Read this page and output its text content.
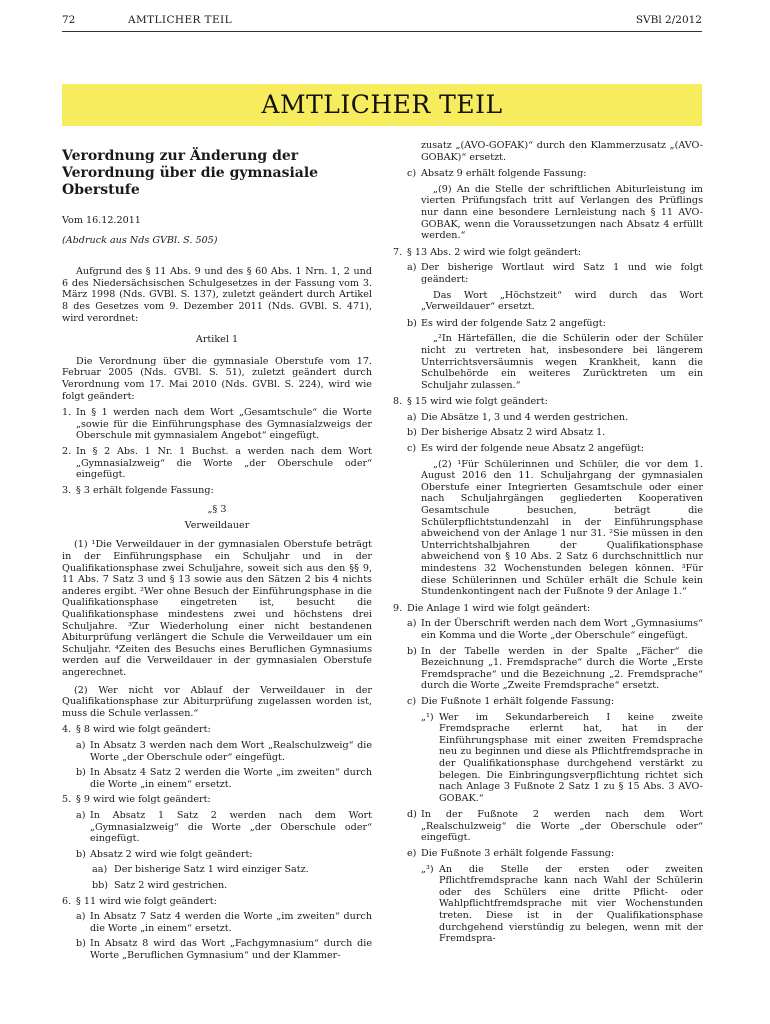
72	AMTLICHER TEIL	SVBl 2/2012
AMTLICHER TEIL

Verordnung zur Änderung der Verordnung über die gymnasiale Oberstufe

Vom 16.12.2011

(Abdruck aus Nds GVBl. S. 505)

Aufgrund des § 11 Abs. 9 und des § 60 Abs. 1 Nrn. 1, 2 und 6 des Niedersächsischen Schulgesetzes in der Fassung vom 3. März 1998 (Nds. GVBl. S. 137), zuletzt geändert durch Artikel 8 des Gesetzes vom 9. Dezember 2011 (Nds. GVBl. S. 471), wird verordnet:

Artikel 1

Die Verordnung über die gymnasiale Oberstufe vom 17. Februar 2005 (Nds. GVBl. S. 51), zuletzt geändert durch Verordnung vom 17. Mai 2010 (Nds. GVBl. S. 224), wird wie folgt geändert:

1. In § 1 werden nach dem Wort „Gesamtschule“ die Worte „sowie für die Einführungsphase des Gymnasialzweigs der Oberschule mit gymnasialem Angebot“ eingefügt.
2. In § 2 Abs. 1 Nr. 1 Buchst. a werden nach dem Wort „Gymnasialzweig“ die Worte „der Oberschule oder“ eingefügt.
3. § 3 erhält folgende Fassung:

„§ 3

Verweildauer

(1) ¹Die Verweildauer in der gymnasialen Oberstufe beträgt in der Einführungsphase ein Schuljahr und in der Qualifikationsphase zwei Schuljahre, soweit sich aus den §§ 9, 11 Abs. 7 Satz 3 und § 13 sowie aus den Sätzen 2 bis 4 nichts anderes ergibt. ²Wer ohne Besuch der Einführungsphase in die Qualifikationsphase eingetreten ist, besucht die Qualifikationsphase mindestens zwei und höchstens drei Schuljahre. ³Zur Wiederholung einer nicht bestandenen Abiturprüfung verlängert die Schule die Verweildauer um ein Schuljahr. ⁴Zeiten des Besuchs eines Beruflichen Gymnasiums werden auf die Verweildauer in der gymnasialen Oberstufe angerechnet.

(2) Wer nicht vor Ablauf der Verweildauer in der Qualifikationsphase zur Abiturprüfung zugelassen worden ist, muss die Schule verlassen.“

4. § 8 wird wie folgt geändert:
a) In Absatz 3 werden nach dem Wort „Realschulzweig“ die Worte „der Oberschule oder“ eingefügt.
b) In Absatz 4 Satz 2 werden die Worte „im zweiten“ durch die Worte „in einem“ ersetzt.
5. § 9 wird wie folgt geändert:
a) In Absatz 1 Satz 2 werden nach dem Wort „Gymnasialzweig“ die Worte „der Oberschule oder“ eingefügt.
b) Absatz 2 wird wie folgt geändert:
aa) Der bisherige Satz 1 wird einziger Satz.
bb) Satz 2 wird gestrichen.
6. § 11 wird wie folgt geändert:
a) In Absatz 7 Satz 4 werden die Worte „im zweiten“ durch die Worte „in einem“ ersetzt.
b) In Absatz 8 wird das Wort „Fachgymnasium“ durch die Worte „Beruflichen Gymnasium“ und der Klammer-

zusatz „(AVO-GOFAK)“ durch den Klammerzusatz „(AVO-GOBAK)“ ersetzt.

c) Absatz 9 erhält folgende Fassung:

„(9) An die Stelle der schriftlichen Abiturleistung im vierten Prüfungsfach tritt auf Verlangen des Prüflings nur dann eine besondere Lernleistung nach § 11 AVO-GOBAK, wenn die Voraussetzungen nach Absatz 4 erfüllt werden.“

7. § 13 Abs. 2 wird wie folgt geändert:
a) Der bisherige Wortlaut wird Satz 1 und wie folgt geändert:

Das Wort „Höchstzeit“ wird durch das Wort „Verweildauer“ ersetzt.

b) Es wird der folgende Satz 2 angefügt:

„²In Härtefällen, die die Schülerin oder der Schüler nicht zu vertreten hat, insbesondere bei längerem Unterrichtsversäumnis wegen Krankheit, kann die Schulbehörde ein weiteres Zurücktreten um ein Schuljahr zulassen.“

8. § 15 wird wie folgt geändert:
a) Die Absätze 1, 3 und 4 werden gestrichen.
b) Der bisherige Absatz 2 wird Absatz 1.
c) Es wird der folgende neue Absatz 2 angefügt:

„(2) ¹Für Schülerinnen und Schüler, die vor dem 1. August 2016 den 11. Schuljahrgang der gymnasialen Oberstufe einer Integrierten Gesamtschule oder einer nach Schuljahrgängen gegliederten Kooperativen Gesamtschule besuchen, beträgt die Schülerpflichtstundenzahl in der Einführungsphase abweichend von der Anlage 1 nur 31. ²Sie müssen in den Unterrichtshalbjahren der Qualifikationsphase abweichend von § 10 Abs. 2 Satz 6 durchschnittlich nur mindestens 32 Wochenstunden belegen können. ³Für diese Schülerinnen und Schüler erhält die Schule kein Stundenkontingent nach der Fußnote 9 der Anlage 1.“

9. Die Anlage 1 wird wie folgt geändert:
a) In der Überschrift werden nach dem Wort „Gymnasiums“ ein Komma und die Worte „der Oberschule“ eingefügt.
b) In der Tabelle werden in der Spalte „Fächer“ die Bezeichnung „1. Fremdsprache“ durch die Worte „Erste Fremdsprache“ und die Bezeichnung „2. Fremdsprache“ durch die Worte „Zweite Fremdsprache“ ersetzt.
c) Die Fußnote 1 erhält folgende Fassung:
„¹) Wer im Sekundarbereich I keine zweite Fremdsprache erlernt hat, hat in der Einführungsphase mit einer zweiten Fremdsprache neu zu beginnen und diese als Pflichtfremdsprache in der Qualifikationsphase durchgehend verstärkt zu belegen. Die Einbringungsverpflichtung richtet sich nach Anlage 3 Fußnote 2 Satz 1 zu § 15 Abs. 3 AVO-GOBAK.“
d) In der Fußnote 2 werden nach dem Wort „Realschulzweig“ die Worte „der Oberschule oder“ eingefügt.
e) Die Fußnote 3 erhält folgende Fassung:
„³) An die Stelle der ersten oder zweiten Pflichtfremdsprache kann nach Wahl der Schülerin oder des Schülers eine dritte Pflicht- oder Wahlpflichtfremdsprache mit vier Wochenstunden treten. Diese ist in der Qualifikationsphase durchgehend vierstündig zu belegen, wenn mit der Fremdspra-
